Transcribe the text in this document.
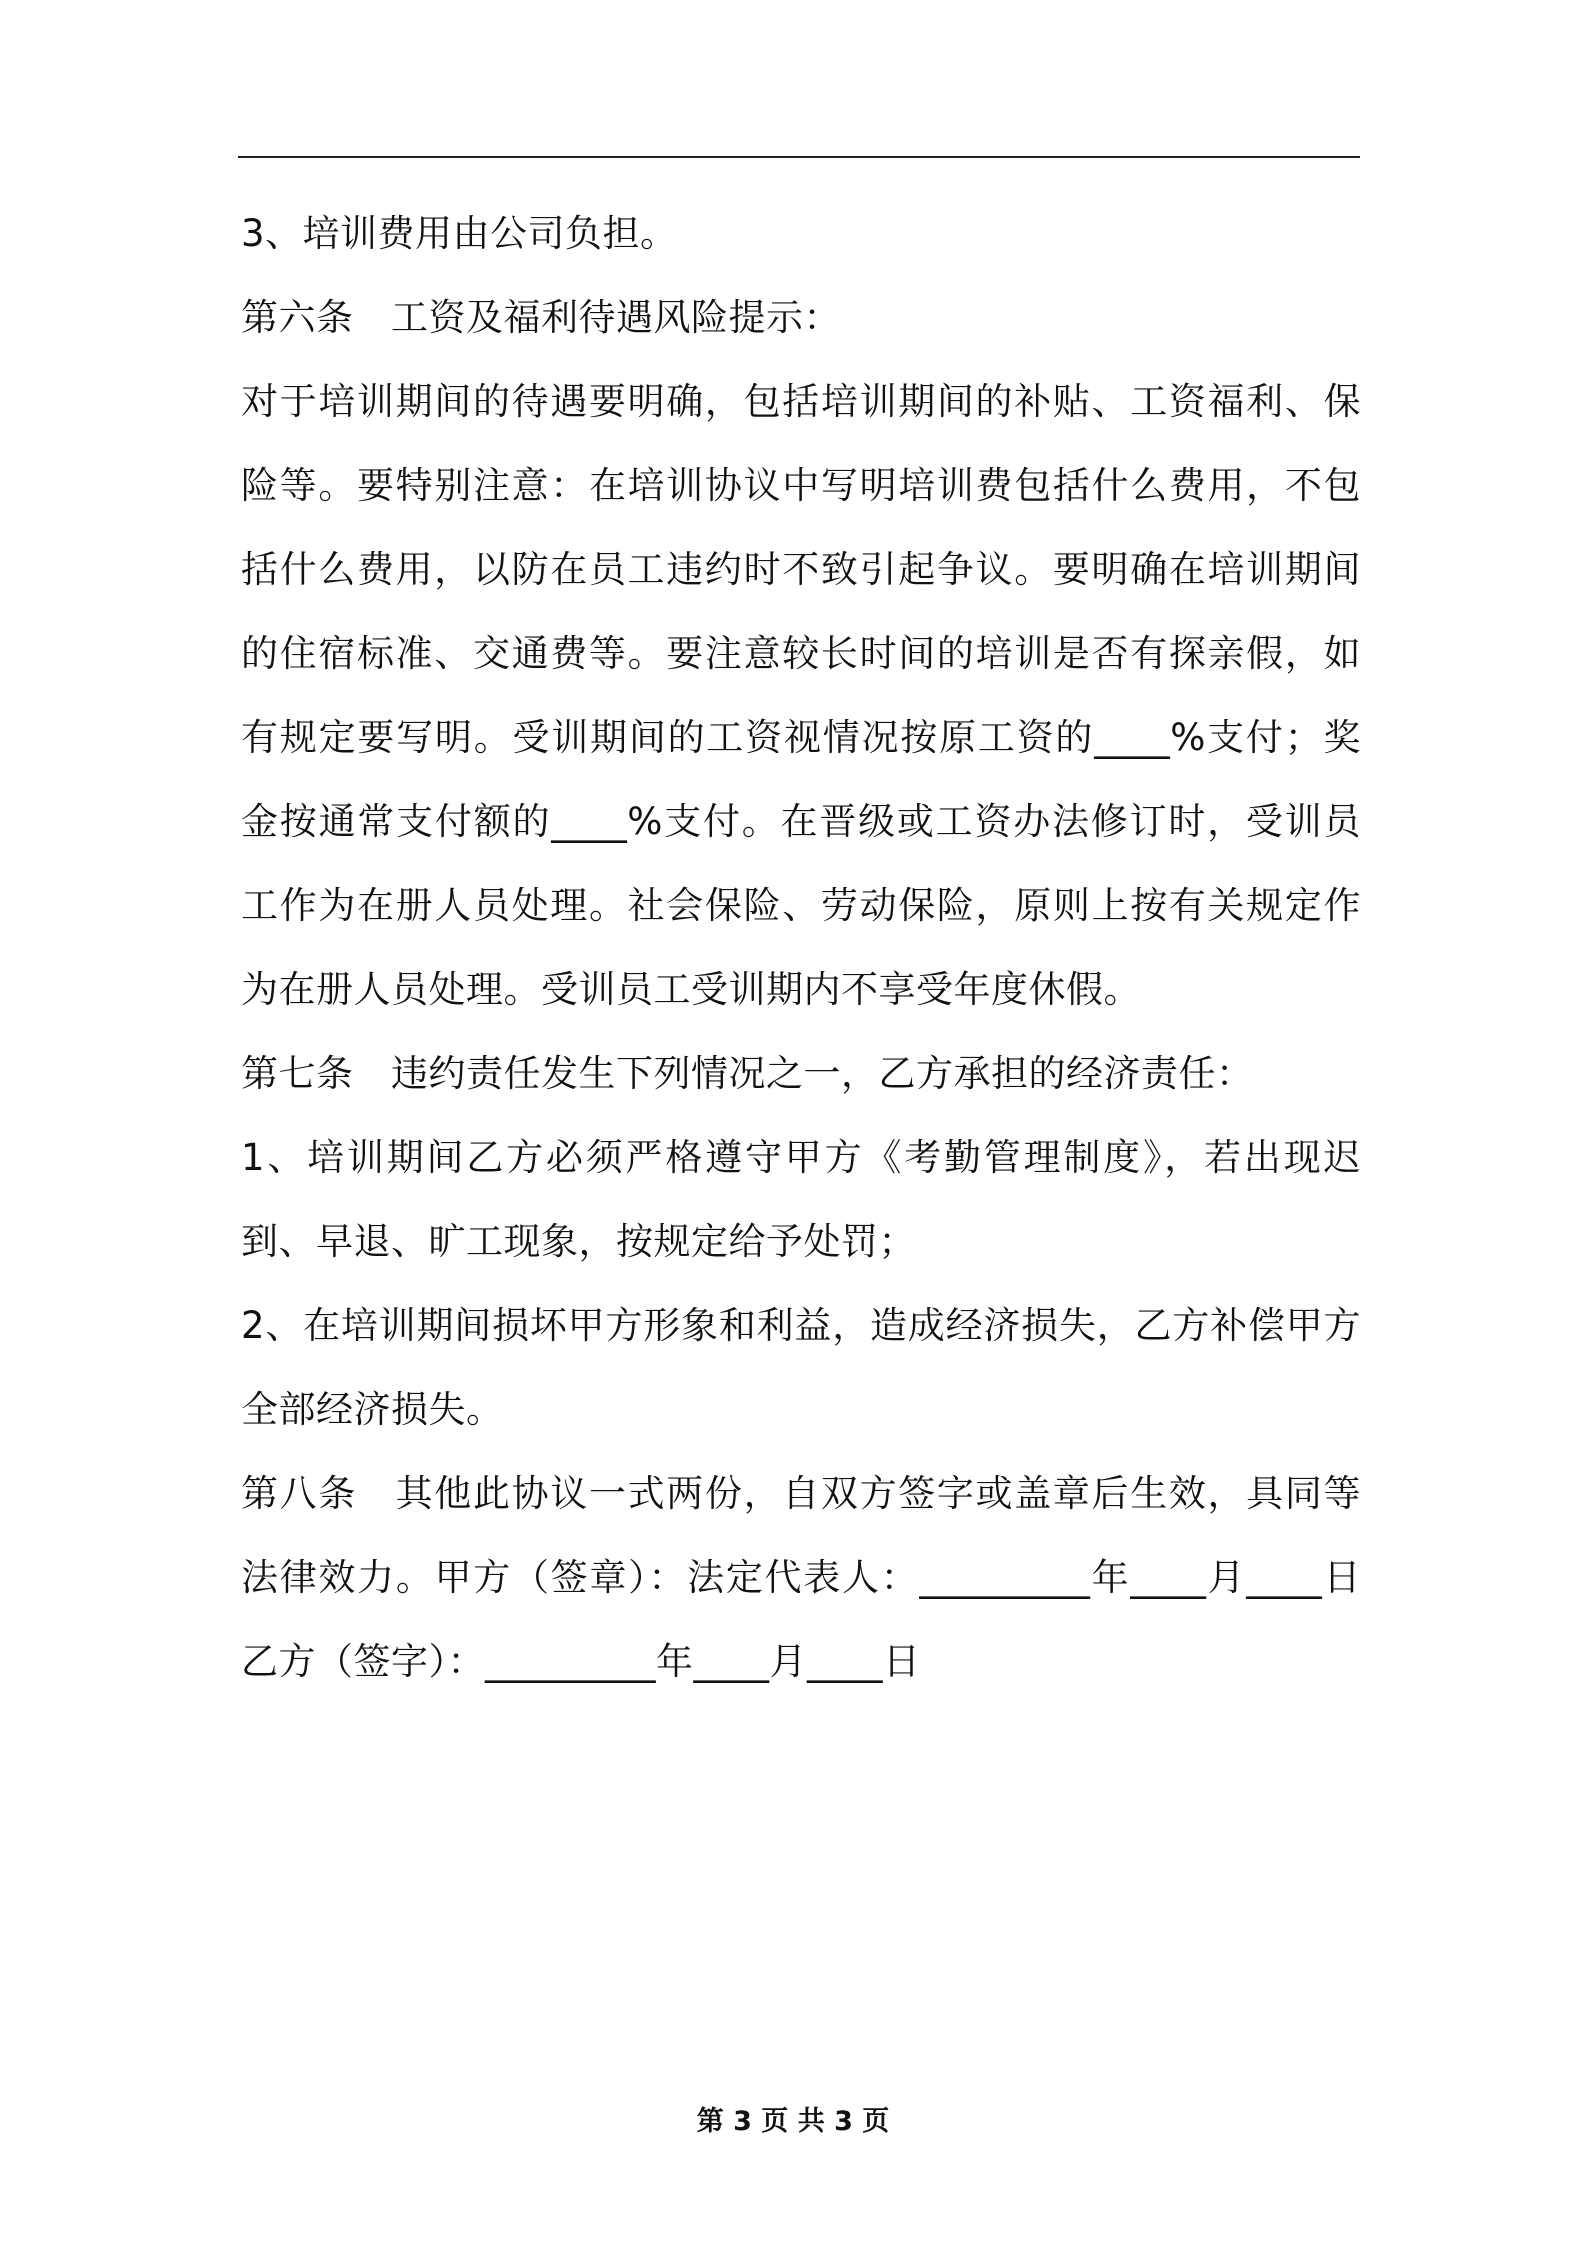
3、培训费用由公司负担。

第六条　工资及福利待遇风险提示：

对于培训期间的待遇要明确，包括培训期间的补贴、工资福利、保险等。要特别注意：在培训协议中写明培训费包括什么费用，不包括什么费用，以防在员工违约时不致引起争议。要明确在培训期间的住宿标准、交通费等。要注意较长时间的培训是否有探亲假，如有规定要写明。受训期间的工资视情况按原工资的____%支付；奖金按通常支付额的____%支付。在晋级或工资办法修订时，受训员工作为在册人员处理。社会保险、劳动保险，原则上按有关规定作为在册人员处理。受训员工受训期内不享受年度休假。

第七条　违约责任发生下列情况之一，乙方承担的经济责任：

1、培训期间乙方必须严格遵守甲方《考勤管理制度》，若出现迟到、早退、旷工现象，按规定给予处罚；

2、在培训期间损坏甲方形象和利益，造成经济损失，乙方补偿甲方全部经济损失。

第八条　其他此协议一式两份，自双方签字或盖章后生效，具同等法律效力。甲方（签章）：法定代表人：_________年____月____日乙方（签字）：_________年____月____日

第 3 页 共 3 页
